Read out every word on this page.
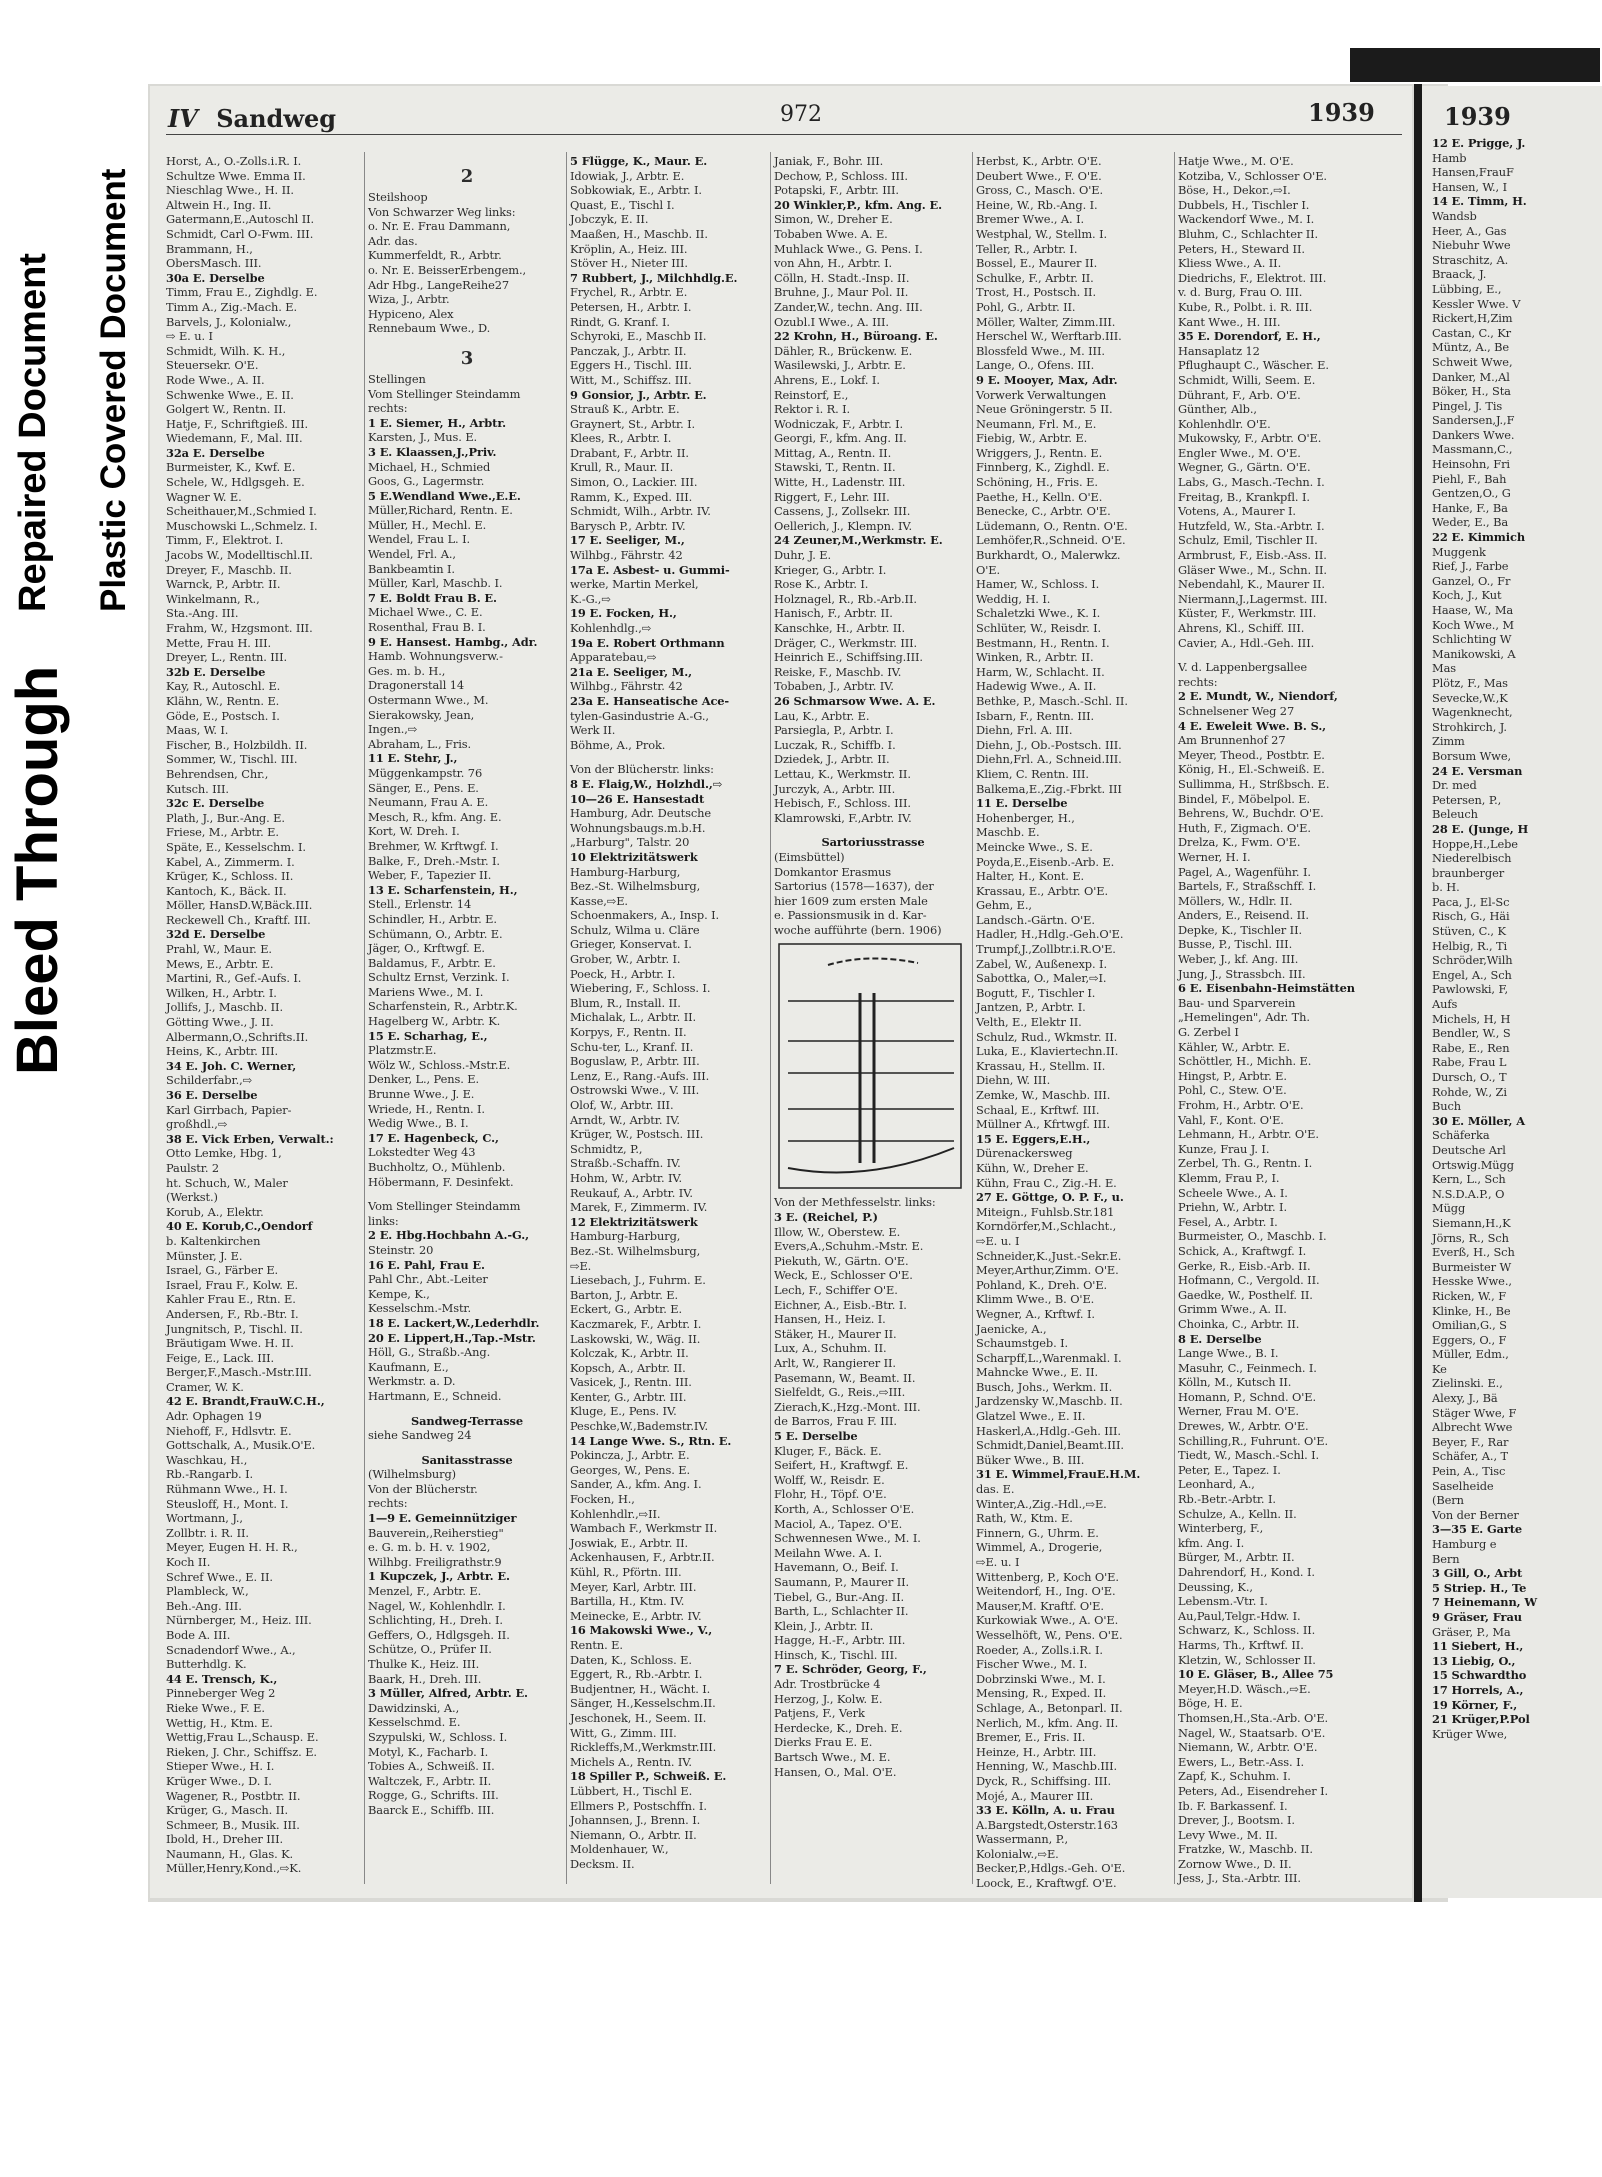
Bleed Through
Repaired Document Plastic Covered Document
IV Sandweg	972	1939
Horst, A., O.-Zolls.i.R. I.
Schultze Wwe. Emma II.
Nieschlag Wwe., H. II.
Altwein H., Ing. II.
Gatermann,E.,Autoschl II.
Schmidt, Carl O-Fwm. III.
Brammann, H.,
ObersMasch. III.
30a E. Derselbe
Timm, Frau E., Zighdlg. E.
Timm A., Zig.-Mach. E.
Barvels, J., Kolonialw.,
⇨ E. u. I
Schmidt, Wilh. K. H.,
Steuersekr. O'E.
Rode Wwe., A. II.
Schwenke Wwe., E. II.
Golgert W., Rentn. II.
Hatje, F., Schriftgieß. III.
Wiedemann, F., Mal. III.
32a E. Derselbe
Burmeister, K., Kwf. E.
Schele, W., Hdlgsgeh. E.
Wagner W. E.
Scheithauer,M.,Schmied I.
Muschowski L.,Schmelz. I.
Timm, F., Elektrot. I.
Jacobs W., Modelltischl.II.
Dreyer, F., Maschb. II.
Warnck, P., Arbtr. II.
Winkelmann, R.,
Sta.-Ang. III.
Frahm, W., Hzgsmont. III.
Mette, Frau H. III.
Dreyer, L., Rentn. III.
32b E. Derselbe
Kay, R., Autoschl. E.
Klähn, W., Rentn. E.
Göde, E., Postsch. I.
Maas, W. I.
Fischer, B., Holzbildh. II.
Sommer, W., Tischl. III.
Behrendsen, Chr.,
Kutsch. III.
32c E. Derselbe
Plath, J., Bur.-Ang. E.
Friese, M., Arbtr. E.
Späte, E., Kesselschm. I.
Kabel, A., Zimmerm. I.
Krüger, K., Schloss. II.
Kantoch, K., Bäck. II.
Möller, HansD.W,Bäck.III.
Reckewell Ch., Kraftf. III.
32d E. Derselbe
Prahl, W., Maur. E.
Mews, E., Arbtr. E.
Martini, R., Gef.-Aufs. I.
Wilken, H., Arbtr. I.
Jollifs, J., Maschb. II.
Götting Wwe., J. II.
Albermann,O.,Schrifts.II.
Heins, K., Arbtr. III.
34 E. Joh. C. Werner,
Schilderfabr.,⇨
36 E. Derselbe
Karl Girrbach, Papier-
großhdl.,⇨
38 E. Vick Erben, Verwalt.:
Otto Lemke, Hbg. 1,
Paulstr. 2
ht. Schuch, W., Maler
(Werkst.)
Korub, A., Elektr.
40 E. Korub,C.,Oendorf
b. Kaltenkirchen
Münster, J. E.
Israel, G., Färber E.
Israel, Frau F., Kolw. E.
Kahler Frau E., Rtn. E.
Andersen, F., Rb.-Btr. I.
Jungnitsch, P., Tischl. II.
Bräutigam Wwe. H. II.
Feige, E., Lack. III.
Berger,F.,Masch.-Mstr.III.
Cramer, W. K.
42 E. Brandt,FrauW.C.H.,
Adr. Ophagen 19
Niehoff, F., Hdlsvtr. E.
Gottschalk, A., Musik.O'E.
Waschkau, H.,
Rb.-Rangarb. I.
Rühmann Wwe., H. I.
Steusloff, H., Mont. I.
Wortmann, J.,
Zollbtr. i. R. II.
Meyer, Eugen H. H. R.,
Koch II.
Schref Wwe., E. II.
Plambleck, W.,
Beh.-Ang. III.
Nürnberger, M., Heiz. III.
Bode A. III.
Scnadendorf Wwe., A.,
Butterhdlg. K.
44 E. Trensch, K.,
Pinneberger Weg 2
Rieke Wwe., F. E.
Wettig, H., Ktm. E.
Wettig,Frau L.,Schausp. E.
Rieken, J. Chr., Schiffsz. E.
Stieper Wwe., H. I.
Krüger Wwe., D. I.
Wagener, R., Postbtr. II.
Krüger, G., Masch. II.
Schmeer, B., Musik. III.
Ibold, H., Dreher III.
Naumann, H., Glas. K.
Müller,Henry,Kond.,⇨K.
2
Steilshoop
Von Schwarzer Weg links:
o. Nr. E. Frau Dammann,
Adr. das.
Kummerfeldt, R., Arbtr.
o. Nr. E. BeisserErbengem.,
Adr Hbg., LangeReihe27
Wiza, J., Arbtr.
Hypiceno, Alex
Rennebaum Wwe., D.
3
Stellingen
Vom Stellinger Steindamm
rechts:
1 E. Siemer, H., Arbtr.
Karsten, J., Mus. E.
3 E. Klaassen,J.,Priv.
Michael, H., Schmied
Goos, G., Lagermstr.
5 E.Wendland Wwe.,E.E.
Müller,Richard, Rentn. E.
Müller, H., Mechl. E.
Wendel, Frau L. I.
Wendel, Frl. A.,
Bankbeamtin I.
Müller, Karl, Maschb. I.
7 E. Boldt Frau B. E.
Michael Wwe., C. E.
Rosenthal, Frau B. I.
9 E. Hansest. Hambg., Adr.
Hamb. Wohnungsverw.-
Ges. m. b. H.,
Dragonerstall 14
Ostermann Wwe., M.
Sierakowsky, Jean,
Ingen.,⇨
Abraham, L., Fris.
11 E. Stehr, J.,
Müggenkampstr. 76
Sänger, E., Pens. E.
Neumann, Frau A. E.
Mesch, R., kfm. Ang. E.
Kort, W. Dreh. I.
Brehmer, W. Krftwgf. I.
Balke, F., Dreh.-Mstr. I.
Weber, F., Tapezier II.
13 E. Scharfenstein, H.,
Stell., Erlenstr. 14
Schindler, H., Arbtr. E.
Schümann, O., Arbtr. E.
Jäger, O., Krftwgf. E.
Baldamus, F., Arbtr. E.
Schultz Ernst, Verzink. I.
Mariens Wwe., M. I.
Scharfenstein, R., Arbtr.K.
Hagelberg W., Arbtr. K.
15 E. Scharhag, E.,
Platzmstr.E.
Wölz W., Schloss.-Mstr.E.
Denker, L., Pens. E.
Brunne Wwe., J. E.
Wriede, H., Rentn. I.
Wedig Wwe., B. I.
17 E. Hagenbeck, C.,
Lokstedter Weg 43
Buchholtz, O., Mühlenb.
Höbermann, F. Desinfekt.
Vom Stellinger Steindamm
links:
2 E. Hbg.Hochbahn A.-G.,
Steinstr. 20
16 E. Pahl, Frau E.
Pahl Chr., Abt.-Leiter
Kempe, K.,
Kesselschm.-Mstr.
18 E. Lackert,W.,Lederhdlr.
20 E. Lippert,H.,Tap.-Mstr.
Höll, G., Straßb.-Ang.
Kaufmann, E.,
Werkmstr. a. D.
Hartmann, E., Schneid.
Sandweg-Terrasse
siehe Sandweg 24
Sanitasstrasse
(Wilhelmsburg)
Von der Blücherstr.
rechts:
1—9 E. Gemeinnütziger
Bauverein,,Reiherstieg"
e. G. m. b. H. v. 1902,
Wilhbg. Freiligrathstr.9
1 Kupczek, J., Arbtr. E.
Menzel, F., Arbtr. E.
Nagel, W., Kohlenhdlr. I.
Schlichting, H., Dreh. I.
Geffers, O., Hdlgsgeh. II.
Schütze, O., Prüfer II.
Thulke K., Heiz. III.
Baark, H., Dreh. III.
3 Müller, Alfred, Arbtr. E.
Dawidzinski, A.,
Kesselschmd. E.
Szypulski, W., Schloss. I.
Motyl, K., Facharb. I.
Tobies A., Schweiß. II.
Waltczek, F., Arbtr. II.
Rogge, G., Schrifts. III.
Baarck E., Schiffb. III.
5 Flügge, K., Maur. E.
Idowiak, J., Arbtr. E.
Sobkowiak, E., Arbtr. I.
Quast, E., Tischl I.
Jobczyk, E. II.
Maaßen, H., Maschb. II.
Kröplin, A., Heiz. III.
Stöver H., Nieter III.
7 Rubbert, J., Milchhdlg.E.
Frychel, R., Arbtr. E.
Petersen, H., Arbtr. I.
Rindt, G. Kranf. I.
Schyroki, E., Maschb II.
Panczak, J., Arbtr. II.
Eggers H., Tischl. III.
Witt, M., Schiffsz. III.
9 Gonsior, J., Arbtr. E.
Strauß K., Arbtr. E.
Graynert, St., Arbtr. I.
Klees, R., Arbtr. I.
Drabant, F., Arbtr. II.
Krull, R., Maur. II.
Simon, O., Lackier. III.
Ramm, K., Exped. III.
Schmidt, Wilh., Arbtr. IV.
Barysch P., Arbtr. IV.
17 E. Seeliger, M.,
Wilhbg., Fährstr. 42
17a E. Asbest- u. Gummi-
werke, Martin Merkel,
K.-G.,⇨
19 E. Focken, H.,
Kohlenhdlg.,⇨
19a E. Robert Orthmann
Apparatebau,⇨
21a E. Seeliger, M.,
Wilhbg., Fährstr. 42
23a E. Hanseatische Ace-
tylen-Gasindustrie A.-G.,
Werk II.
Böhme, A., Prok.
Von der Blücherstr. links:
8 E. Flaig,W., Holzhdl.,⇨
10—26 E. Hansestadt
Hamburg, Adr. Deutsche
Wohnungsbaugs.m.b.H.
„Harburg", Talstr. 20
10 Elektrizitätswerk
Hamburg-Harburg,
Bez.-St. Wilhelmsburg,
Kasse,⇨E.
Schoenmakers, A., Insp. I.
Schulz, Wilma u. Cläre
Grieger, Konservat. I.
Grober, W., Arbtr. I.
Poeck, H., Arbtr. I.
Wiebering, F., Schloss. I.
Blum, R., Install. II.
Michalak, L., Arbtr. II.
Korpys, F., Rentn. II.
Schu-ter, L., Kranf. II.
Boguslaw, P., Arbtr. III.
Lenz, E., Rang.-Aufs. III.
Ostrowski Wwe., V. III.
Olof, W., Arbtr. III.
Arndt, W., Arbtr. IV.
Krüger, W., Postsch. III.
Schmidtz, P.,
Straßb.-Schaffn. IV.
Hohm, W., Arbtr. IV.
Reukauf, A., Arbtr. IV.
Marek, F., Zimmerm. IV.
12 Elektrizitätswerk
Hamburg-Harburg,
Bez.-St. Wilhelmsburg,
⇨E.
Liesebach, J., Fuhrm. E.
Barton, J., Arbtr. E.
Eckert, G., Arbtr. E.
Kaczmarek, F., Arbtr. I.
Laskowski, W., Wäg. II.
Kolczak, K., Arbtr. II.
Kopsch, A., Arbtr. II.
Vasicek, J., Rentn. III.
Kenter, G., Arbtr. III.
Kluge, E., Pens. IV.
Peschke,W.,Bademstr.IV.
14 Lange Wwe. S., Rtn. E.
Pokincza, J., Arbtr. E.
Georges, W., Pens. E.
Sander, A., kfm. Ang. I.
Focken, H.,
Kohlenhdlr.,⇨II.
Wambach F., Werkmstr II.
Joswiak, E., Arbtr. II.
Ackenhausen, F., Arbtr.II.
Kühl, R., Pförtn. III.
Meyer, Karl, Arbtr. III.
Bartilla, H., Ktm. IV.
Meinecke, E., Arbtr. IV.
16 Makowski Wwe., V.,
Rentn. E.
Daten, K., Schloss. E.
Eggert, R., Rb.-Arbtr. I.
Budjentner, H., Wächt. I.
Sänger, H.,Kesselschm.II.
Jeschonek, H., Seem. II.
Witt, G., Zimm. III.
Rickleffs,M.,Werkmstr.III.
Michels A., Rentn. IV.
18 Spiller P., Schweiß. E.
Lübbert, H., Tischl E.
Ellmers P., Postschffn. I.
Johannsen, J., Brenn. I.
Niemann, O., Arbtr. II.
Moldenhauer, W.,
Decksm. II.
Janiak, F., Bohr. III.
Dechow, P., Schloss. III.
Potapski, F., Arbtr. III.
20 Winkler,P., kfm. Ang. E.
Simon, W., Dreher E.
Tobaben Wwe. A. E.
Muhlack Wwe., G. Pens. I.
von Ahn, H., Arbtr. I.
Cölln, H. Stadt.-Insp. II.
Bruhne, J., Maur Pol. II.
Zander,W., techn. Ang. III.
Ozubl.I Wwe., A. III.
22 Krohn, H., Büroang. E.
Dähler, R., Brückenw. E.
Wasilewski, J., Arbtr. E.
Ahrens, E., Lokf. I.
Reinstorf, E.,
Rektor i. R. I.
Wodniczak, F., Arbtr. I.
Georgi, F., kfm. Ang. II.
Mittag, A., Rentn. II.
Stawski, T., Rentn. II.
Witte, H., Ladenstr. III.
Riggert, F., Lehr. III.
Cassens, J., Zollsekr. III.
Oellerich, J., Klempn. IV.
24 Zeuner,M.,Werkmstr. E.
Duhr, J. E.
Krieger, G., Arbtr. I.
Rose K., Arbtr. I.
Holznagel, R., Rb.-Arb.II.
Hanisch, F., Arbtr. II.
Kanschke, H., Arbtr. II.
Dräger, C., Werkmstr. III.
Heinrich E., Schiffsing.III.
Reiske, F., Maschb. IV.
Tobaben, J., Arbtr. IV.
26 Schmarsow Wwe. A. E.
Lau, K., Arbtr. E.
Parsiegla, P., Arbtr. I.
Luczak, R., Schiffb. I.
Dziedek, J., Arbtr. II.
Lettau, K., Werkmstr. II.
Jurczyk, A., Arbtr. III.
Hebisch, F., Schloss. III.
Klamrowski, F.,Arbtr. IV.
Sartoriusstrasse
(Eimsbüttel)
Domkantor Erasmus
Sartorius (1578—1637), der
hier 1609 zum ersten Male
e. Passionsmusik in d. Kar-
woche aufführte (bern. 1906)
Von der Methfesselstr. links:
3 E. (Reichel, P.)
Illow, W., Oberstew. E.
Evers,A.,Schuhm.-Mstr. E.
Piekuth, W., Gärtn. O'E.
Weck, E., Schlosser O'E.
Lech, F., Schiffer O'E.
Eichner, A., Eisb.-Btr. I.
Hansen, H., Heiz. I.
Stäker, H., Maurer II.
Lux, A., Schuhm. II.
Arlt, W., Rangierer II.
Pasemann, W., Beamt. II.
Sielfeldt, G., Reis.,⇨III.
Zierach,K.,Hzg.-Mont. III.
de Barros, Frau F. III.
5 E. Derselbe
Kluger, F., Bäck. E.
Seifert, H., Kraftwgf. E.
Wolff, W., Reisdr. E.
Flohr, H., Töpf. O'E.
Korth, A., Schlosser O'E.
Maciol, A., Tapez. O'E.
Schwennesen Wwe., M. I.
Meilahn Wwe. A. I.
Havemann, O., Beif. I.
Saumann, P., Maurer II.
Tiebel, G., Bur.-Ang. II.
Barth, L., Schlachter II.
Klein, J., Arbtr. II.
Hagge, H.-F., Arbtr. III.
Hinsch, K., Tischl. III.
7 E. Schröder, Georg, F.,
Adr. Trostbrücke 4
Herzog, J., Kolw. E.
Patjens, F., Verk
Herdecke, K., Dreh. E.
Dierks Frau E. E.
Bartsch Wwe., M. E.
Hansen, O., Mal. O'E.
Herbst, K., Arbtr. O'E.
Deubert Wwe., F. O'E.
Gross, C., Masch. O'E.
Heine, W., Rb.-Ang. I.
Bremer Wwe., A. I.
Westphal, W., Stellm. I.
Teller, R., Arbtr. I.
Bossel, E., Maurer II.
Schulke, F., Arbtr. II.
Trost, H., Postsch. II.
Pohl, G., Arbtr. II.
Möller, Walter, Zimm.III.
Herschel W., Werftarb.III.
Blossfeld Wwe., M. III.
Lange, O., Ofens. III.
9 E. Mooyer, Max, Adr.
Vorwerk Verwaltungen
Neue Gröningerstr. 5 II.
Neumann, Frl. M., E.
Fiebig, W., Arbtr. E.
Wriggers, J., Rentn. E.
Finnberg, K., Zighdl. E.
Schöning, H., Fris. E.
Paethe, H., Kelln. O'E.
Benecke, C., Arbtr. O'E.
Lüdemann, O., Rentn. O'E.
Lemhöfer,R.,Schneid. O'E.
Burkhardt, O., Malerwkz.
O'E.
Hamer, W., Schloss. I.
Weddig, H. I.
Schaletzki Wwe., K. I.
Schlüter, W., Reisdr. I.
Bestmann, H., Rentn. I.
Winken, R., Arbtr. II.
Harm, W., Schlacht. II.
Hadewig Wwe., A. II.
Bethke, P., Masch.-Schl. II.
Isbarn, F., Rentn. III.
Diehn, Frl. A. III.
Diehn, J., Ob.-Postsch. III.
Diehn,Frl. A., Schneid.III.
Kliem, C. Rentn. III.
Balkema,E.,Zig.-Fbrkt. III
11 E. Derselbe
Hohenberger, H.,
Maschb. E.
Meincke Wwe., S. E.
Poyda,E.,Eisenb.-Arb. E.
Halter, H., Kont. E.
Krassau, E., Arbtr. O'E.
Gehm, E.,
Landsch.-Gärtn. O'E.
Hadler, H.,Hdlg.-Geh.O'E.
Trumpf,J.,Zollbtr.i.R.O'E.
Zabel, W., Außenexp. I.
Sabottka, O., Maler,⇨I.
Bogutt, F., Tischler I.
Jantzen, P., Arbtr. I.
Velth, E., Elektr II.
Schulz, Rud., Wkmstr. II.
Luka, E., Klaviertechn.II.
Krassau, H., Stellm. II.
Diehn, W. III.
Zemke, W., Maschb. III.
Schaal, E., Krftwf. III.
Müllner A., Kfrtwgf. III.
15 E. Eggers,E.H.,
Dürenackersweg
Kühn, W., Dreher E.
Kühn, Frau C., Zig.-H. E.
27 E. Göttge, O. P. F., u.
Miteign., Fuhlsb.Str.181
Korndörfer,M.,Schlacht.,
⇨E. u. I
Schneider,K.,Just.-Sekr.E.
Meyer,Arthur,Zimm. O'E.
Pohland, K., Dreh. O'E.
Klimm Wwe., B. O'E.
Wegner, A., Krftwf. I.
Jaenicke, A.,
Schaumstgeb. I.
Scharpff,L.,Warenmakl. I.
Mahncke Wwe., E. II.
Busch, Johs., Werkm. II.
Jardzensky W.,Maschb. II.
Glatzel Wwe., E. II.
Haskerl,A.,Hdlg.-Geh. III.
Schmidt,Daniel,Beamt.III.
Büker Wwe., B. III.
31 E. Wimmel,FrauE.H.M.
das. E.
Winter,A.,Zig.-Hdl.,⇨E.
Rath, W., Ktm. E.
Finnern, G., Uhrm. E.
Wimmel, A., Drogerie,
⇨E. u. I
Wittenberg, P., Koch O'E.
Weitendorf, H., Ing. O'E.
Mauser,M. Kraftf. O'E.
Kurkowiak Wwe., A. O'E.
Wesselhöft, W., Pens. O'E.
Roeder, A., Zolls.i.R. I.
Fischer Wwe., M. I.
Dobrzinski Wwe., M. I.
Mensing, R., Exped. II.
Schlage, A., Betonparl. II.
Nerlich, M., kfm. Ang. II.
Bremer, E., Fris. II.
Heinze, H., Arbtr. III.
Henning, W., Maschb.III.
Dyck, R., Schiffsing. III.
Mojé, A., Maurer III.
33 E. Kölln, A. u. Frau
A.Bargstedt,Osterstr.163
Wassermann, P.,
Kolonialw.,⇨E.
Becker,P.,Hdlgs.-Geh. O'E.
Loock, E., Kraftwgf. O'E.
Hatje Wwe., M. O'E.
Kotziba, V., Schlosser O'E.
Böse, H., Dekor.,⇨I.
Dubbels, H., Tischler I.
Wackendorf Wwe., M. I.
Bluhm, C., Schlachter II.
Peters, H., Steward II.
Kliess Wwe., A. II.
Diedrichs, F., Elektrot. III.
v. d. Burg, Frau O. III.
Kube, R., Polbt. i. R. III.
Kant Wwe., H. III.
35 E. Dorendorf, E. H.,
Hansaplatz 12
Pflughaupt C., Wäscher. E.
Schmidt, Willi, Seem. E.
Dührant, F., Arb. O'E.
Günther, Alb.,
Kohlenhdlr. O'E.
Mukowsky, F., Arbtr. O'E.
Engler Wwe., M. O'E.
Wegner, G., Gärtn. O'E.
Labs, G., Masch.-Techn. I.
Freitag, B., Krankpfl. I.
Votens, A., Maurer I.
Hutzfeld, W., Sta.-Arbtr. I.
Schulz, Emil, Tischler II.
Armbrust, F., Eisb.-Ass. II.
Gläser Wwe., M., Schn. II.
Nebendahl, K., Maurer II.
Niermann,J.,Lagermst. III.
Küster, F., Werkmstr. III.
Ahrens, Kl., Schiff. III.
Cavier, A., Hdl.-Geh. III.
V. d. Lappenbergsallee
rechts:
2 E. Mundt, W., Niendorf,
Schnelsener Weg 27
4 E. Eweleit Wwe. B. S.,
Am Brunnenhof 27
Meyer, Theod., Postbtr. E.
König, H., El.-Schweiß. E.
Sullimma, H., Strßbsch. E.
Bindel, F., Möbelpol. E.
Behrens, W., Buchdr. O'E.
Huth, F., Zigmach. O'E.
Drelza, K., Fwm. O'E.
Werner, H. I.
Pagel, A., Wagenführ. I.
Bartels, F., Straßschff. I.
Möllers, W., Hdlr. II.
Anders, E., Reisend. II.
Depke, K., Tischler II.
Busse, P., Tischl. III.
Weber, J., kf. Ang. III.
Jung, J., Strassbch. III.
6 E. Eisenbahn-Heimstätten
Bau- und Sparverein
„Hemelingen", Adr. Th.
G. Zerbel I
Kähler, W., Arbtr. E.
Schöttler, H., Michh. E.
Hingst, P., Arbtr. E.
Pohl, C., Stew. O'E.
Frohm, H., Arbtr. O'E.
Vahl, F., Kont. O'E.
Lehmann, H., Arbtr. O'E.
Kunze, Frau J. I.
Zerbel, Th. G., Rentn. I.
Klemm, Frau P., I.
Scheele Wwe., A. I.
Priehn, W., Arbtr. I.
Fesel, A., Arbtr. I.
Burmeister, O., Maschb. I.
Schick, A., Kraftwgf. I.
Gerke, R., Eisb.-Arb. II.
Hofmann, C., Vergold. II.
Gaedke, W., Posthelf. II.
Grimm Wwe., A. II.
Choinka, C., Arbtr. II.
8 E. Derselbe
Lange Wwe., B. I.
Masuhr, C., Feinmech. I.
Kölln, M., Kutsch II.
Homann, P., Schnd. O'E.
Werner, Frau M. O'E.
Drewes, W., Arbtr. O'E.
Schilling,R., Fuhrunt. O'E.
Tiedt, W., Masch.-Schl. I.
Peter, E., Tapez. I.
Leonhard, A.,
Rb.-Betr.-Arbtr. I.
Schulze, A., Kelln. II.
Winterberg, F.,
kfm. Ang. I.
Bürger, M., Arbtr. II.
Dahrendorf, H., Kond. I.
Deussing, K.,
Lebensm.-Vtr. I.
Au,Paul,Telgr.-Hdw. I.
Schwarz, K., Schloss. II.
Harms, Th., Krftwf. II.
Kletzin, W., Schlosser II.
10 E. Gläser, B., Allee 75
Meyer,H.D. Wäsch.,⇨E.
Böge, H. E.
Thomsen,H.,Sta.-Arb. O'E.
Nagel, W., Staatsarb. O'E.
Niemann, W., Arbtr. O'E.
Ewers, L., Betr.-Ass. I.
Zapf, K., Schuhm. I.
Peters, Ad., Eisendreher I.
Ib. F. Barkassenf. I.
Drever, J., Bootsm. I.
Levy Wwe., M. II.
Fratzke, W., Maschb. II.
Zornow Wwe., D. II.
Jess, J., Sta.-Arbtr. III.
1939
12 E. Prigge, J.
Hamb
Hansen,FrauF
Hansen, W., I
14 E. Timm, H.
Wandsb
Heer, A., Gas
Niebuhr Wwe
Straschitz, A.
Braack, J.
Lübbing, E.,
Kessler Wwe. V
Rickert,H,Zim
Castan, C., Kr
Müntz, A., Be
Schweit Wwe,
Danker, M.,Al
Böker, H., Sta
Pingel, J. Tis
Sandersen,J.,F
Dankers Wwe.
Massmann,C.,
Heinsohn, Fri
Piehl, F., Bah
Gentzen,O., G
Hanke, F., Ba
Weder, E., Ba
22 E. Kimmich
Muggenk
Rief, J., Farbe
Ganzel, O., Fr
Koch, J., Kut
Haase, W., Ma
Koch Wwe., M
Schlichting W
Manikowski, A
Mas
Plötz, F., Mas
Sevecke,W.,K
Wagenknecht,
Strohkirch, J.
Zimm
Borsum Wwe,
24 E. Versman
Dr. med
Petersen, P.,
Beleuch
28 E. (Junge, H
Hoppe,H.,Lebe
Niederelbisch
braunberger
b. H.
Paca, J., El-Sc
Risch, G., Häi
Stüven, C., K
Helbig, R., Ti
Schröder,Wilh
Engel, A., Sch
Pawlowski, F,
Aufs
Michels, H, H
Bendler, W., S
Rabe, E., Ren
Rabe, Frau L
Dursch, O., T
Rohde, W., Zi
Buch
30 E. Möller, A
Schäferka
Deutsche Arl
Ortswig.Mügg
Kern, L., Sch
N.S.D.A.P., O
Mügg
Siemann,H.,K
Jörns, R., Sch
Everß, H., Sch
Burmeister W
Hesske Wwe.,
Ricken, W., F
Klinke, H., Be
Omilian,G., S
Eggers, O., F
Müller, Edm.,
Ke
Zielinski. E.,
Alexy, J., Bä
Stäger Wwe, F
Albrecht Wwe
Beyer, F., Rar
Schäfer, A., T
Pein, A., Tisc
Saselheide
(Bern
Von der Berner
3—35 E. Garte
Hamburg e
Bern
3 Gill, O., Arbt
5 Striep. H., Te
7 Heinemann, W
9 Gräser, Frau
Gräser, P., Ma
11 Siebert, H.,
13 Liebig, O.,
15 Schwardtho
17 Horrels, A.,
19 Körner, F.,
21 Krüger,P.Pol
Krüger Wwe,
